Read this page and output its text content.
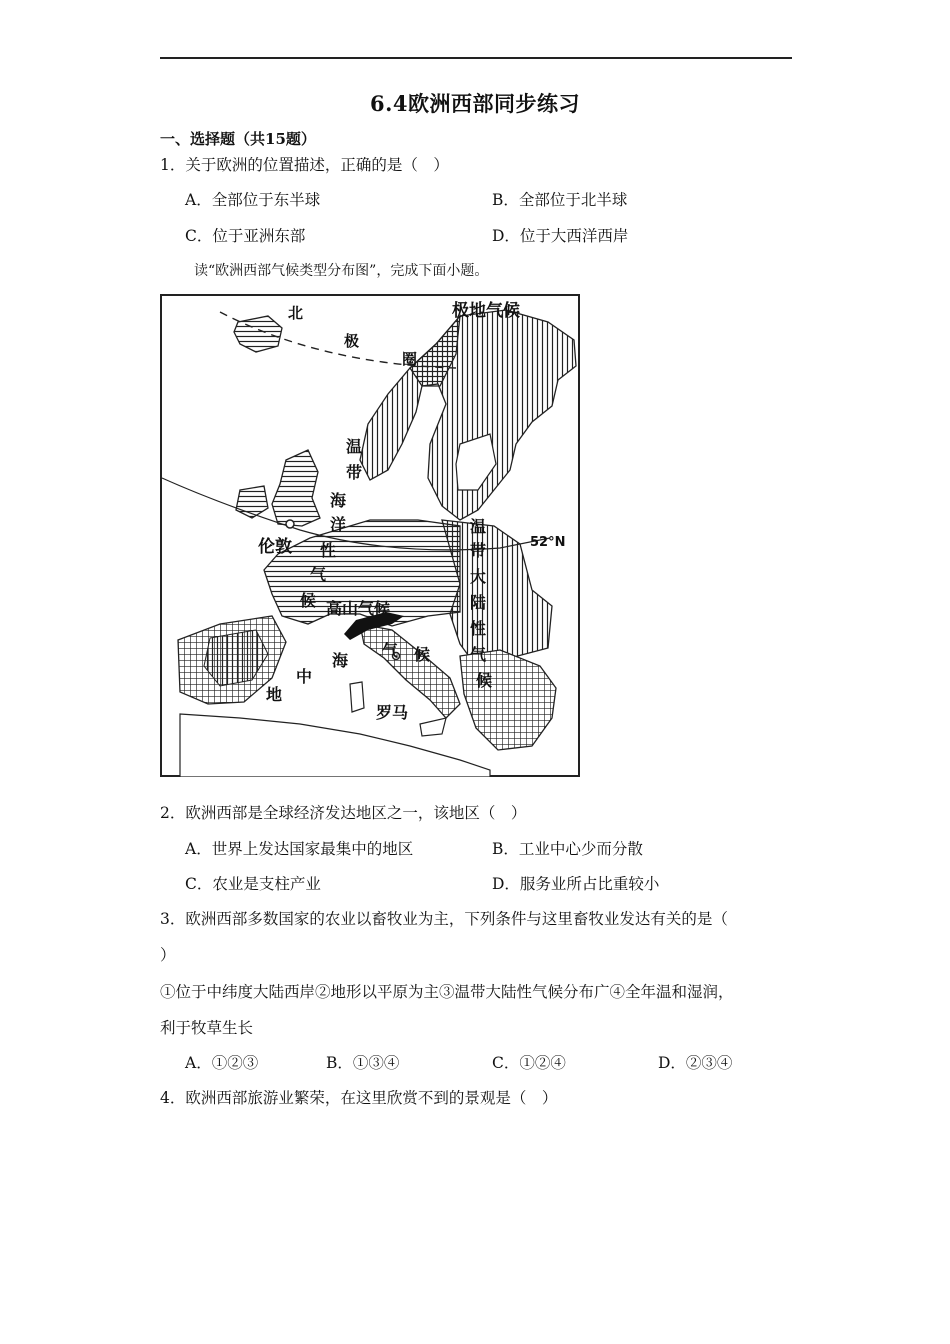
6.4欧洲西部同步练习
一、选择题（共15题）
1．关于欧洲的位置描述，正确的是（　）
A．全部位于东半球	B．全部位于北半球
C．位于亚洲东部	D．位于大西洋西岸
读“欧洲西部气候类型分布图”，完成下面小题。
极地气候
北
极
圈
温
带
海
洋
性
气
候
伦敦	52°N
温
带
大
陆
性
气
候
高山气候
中
地
海
气 候
罗马
2．欧洲西部是全球经济发达地区之一，该地区（　）
A．世界上发达国家最集中的地区	B．工业中心少而分散
C．农业是支柱产业	D．服务业所占比重较小
3．欧洲西部多数国家的农业以畜牧业为主，下列条件与这里畜牧业发达有关的是（
）
①位于中纬度大陆西岸②地形以平原为主③温带大陆性气候分布广④全年温和湿润，
利于牧草生长
A．①②③	B．①③④	C．①②④	D．②③④
4．欧洲西部旅游业繁荣，在这里欣赏不到的景观是（　）
